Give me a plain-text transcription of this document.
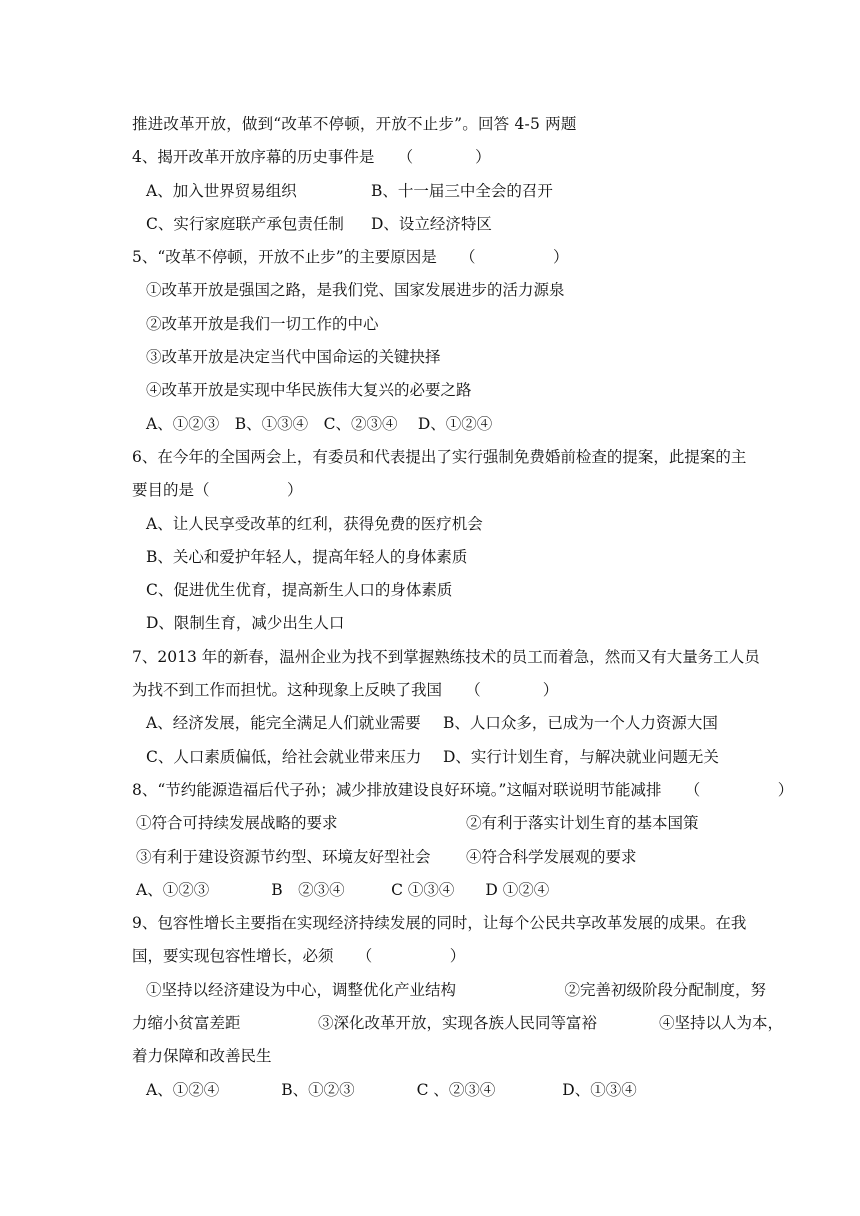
推进改革开放，做到“改革不停顿，开放不止步”。回答 4-5 两题
4、揭开改革开放序幕的历史事件是　　（　　　　）
A、加入世界贸易组织	B、十一届三中全会的召开
C、实行家庭联产承包责任制	D、设立经济特区
5、“改革不停顿，开放不止步”的主要原因是　　（　　　　　）
①改革开放是强国之路，是我们党、国家发展进步的活力源泉
②改革开放是我们一切工作的中心
③改革开放是决定当代中国命运的关键抉择
④改革开放是实现中华民族伟大复兴的必要之路
A、①②③　B、①③④　C、②③④　 D、①②④
6、在今年的全国两会上，有委员和代表提出了实行强制免费婚前检查的提案，此提案的主
要目的是（　　　　　）
A、让人民享受改革的红利，获得免费的医疗机会
B、关心和爱护年轻人，提高年轻人的身体素质
C、促进优生优育，提高新生人口的身体素质
D、限制生育，减少出生人口
7、2013 年的新春，温州企业为找不到掌握熟练技术的员工而着急，然而又有大量务工人员
为找不到工作而担忧。这种现象上反映了我国　　（　　　　）
A、经济发展，能完全满足人们就业需要	B、人口众多，已成为一个人力资源大国
C、人口素质偏低，给社会就业带来压力	D、实行计划生育，与解决就业问题无关
8、“节约能源造福后代子孙；减少排放建设良好环境。”这幅对联说明节能减排　　（　　　　　）
①符合可持续发展战略的要求	②有利于落实计划生育的基本国策
③有利于建设资源节约型、环境友好型社会	④符合科学发展观的要求
A、①②③　　　　B　②③④　　　C ①③④　　D ①②④
9、包容性增长主要指在实现经济持续发展的同时，让每个公民共享改革发展的成果。在我
国，要实现包容性增长，必须　　（　　　　　）
①坚持以经济建设为中心，调整优化产业结构　　　　　　　②完善初级阶段分配制度，努
力缩小贫富差距　　　　　③深化改革开放，实现各族人民同等富裕　　　　④坚持以人为本，
着力保障和改善民生
A、①②④　　　　B、①②③　　　　C 、②③④　　　　 D、①③④
